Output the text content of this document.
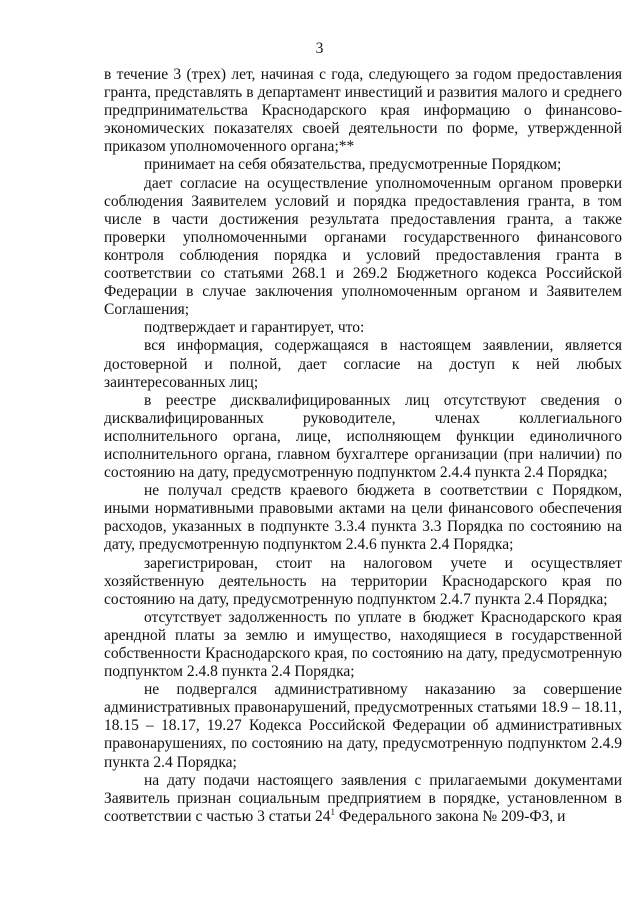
3

в течение 3 (трех) лет, начиная с года, следующего за годом предоставления гранта, представлять в департамент инвестиций и развития малого и среднего предпринимательства Краснодарского края информацию о финансово-экономических показателях своей деятельности по форме, утвержденной приказом уполномоченного органа;**

принимает на себя обязательства, предусмотренные Порядком;

дает согласие на осуществление уполномоченным органом проверки соблюдения Заявителем условий и порядка предоставления гранта, в том числе в части достижения результата предоставления гранта, а также проверки уполномоченными органами государственного финансового контроля соблюдения порядка и условий предоставления гранта в соответствии со статьями 268.1 и 269.2 Бюджетного кодекса Российской Федерации в случае заключения уполномоченным органом и Заявителем Соглашения;

подтверждает и гарантирует, что:

вся информация, содержащаяся в настоящем заявлении, является достоверной и полной, дает согласие на доступ к ней любых заинтересованных лиц;

в реестре дисквалифицированных лиц отсутствуют сведения о дисквалифицированных руководителе, членах коллегиального исполнительного органа, лице, исполняющем функции единоличного исполнительного органа, главном бухгалтере организации (при наличии) по состоянию на дату, предусмотренную подпунктом 2.4.4 пункта 2.4 Порядка;

не получал средств краевого бюджета в соответствии с Порядком, иными нормативными правовыми актами на цели финансового обеспечения расходов, указанных в подпункте 3.3.4 пункта 3.3 Порядка по состоянию на дату, предусмотренную подпунктом 2.4.6 пункта 2.4 Порядка;

зарегистрирован, стоит на налоговом учете и осуществляет хозяйственную деятельность на территории Краснодарского края по состоянию на дату, предусмотренную подпунктом 2.4.7 пункта 2.4 Порядка;

отсутствует задолженность по уплате в бюджет Краснодарского края арендной платы за землю и имущество, находящиеся в государственной собственности Краснодарского края, по состоянию на дату, предусмотренную подпунктом 2.4.8 пункта 2.4 Порядка;

не подвергался административному наказанию за совершение административных правонарушений, предусмотренных статьями 18.9 – 18.11, 18.15 – 18.17, 19.27 Кодекса Российской Федерации об административных правонарушениях, по состоянию на дату, предусмотренную подпунктом 2.4.9 пункта 2.4 Порядка;

на дату подачи настоящего заявления с прилагаемыми документами Заявитель признан социальным предприятием в порядке, установленном в соответствии с частью 3 статьи $24^1$ Федерального закона № 209-ФЗ, и
